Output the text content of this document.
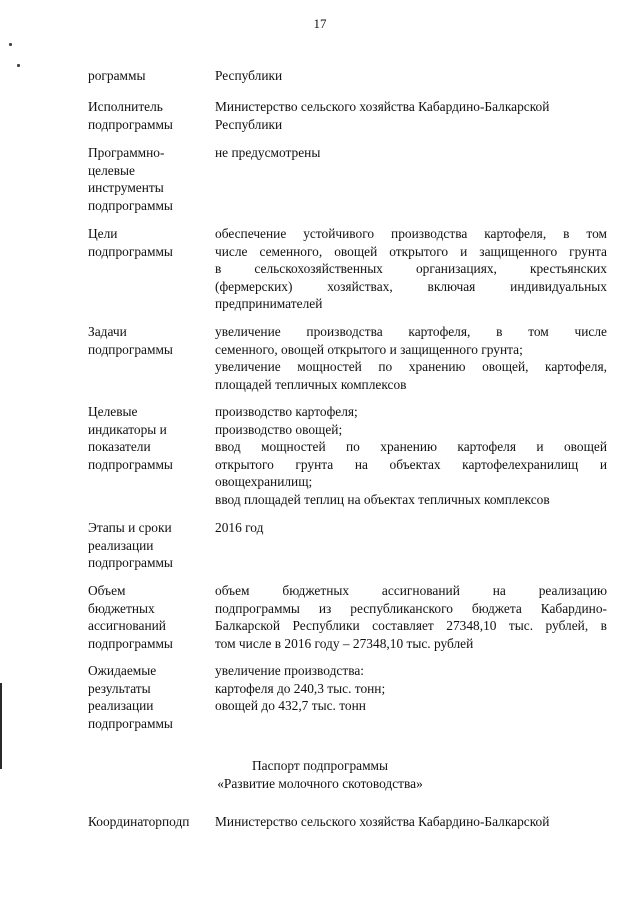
17
рограммы	Республики
Исполнитель
подпрограммы
Министерство сельского хозяйства Кабардино-Балкарской
Республики
Программно-
целевые
инструменты
подпрограммы
не предусмотрены
Цели
подпрограммы
обеспечение устойчивого производства картофеля, в том
числе семенного, овощей открытого и защищенного грунта
в сельскохозяйственных организациях, крестьянских
(фермерских) хозяйствах, включая индивидуальных
предпринимателей
Задачи
подпрограммы
увеличение производства картофеля, в том числе
семенного, овощей открытого и защищенного грунта;
увеличение мощностей по хранению овощей, картофеля,
площадей тепличных комплексов
Целевые
индикаторы и
показатели
подпрограммы
производство картофеля;
производство овощей;
ввод мощностей по хранению картофеля и овощей
открытого грунта на объектах картофелехранилищ и
овощехранилищ;
ввод площадей теплиц на объектах тепличных комплексов
Этапы и сроки
реализации
подпрограммы
2016 год
Объем
бюджетных
ассигнований
подпрограммы
объем бюджетных ассигнований на реализацию
подпрограммы из республиканского бюджета Кабардино-
Балкарской Республики составляет 27348,10 тыс. рублей, в
том числе в 2016 году – 27348,10 тыс. рублей
Ожидаемые
результаты
реализации
подпрограммы
увеличение производства:
картофеля до 240,3 тыс. тонн;
овощей до 432,7 тыс. тонн
Паспорт подпрограммы
«Развитие молочного скотоводства»
Координаторподп	Министерство сельского хозяйства Кабардино-Балкарской
